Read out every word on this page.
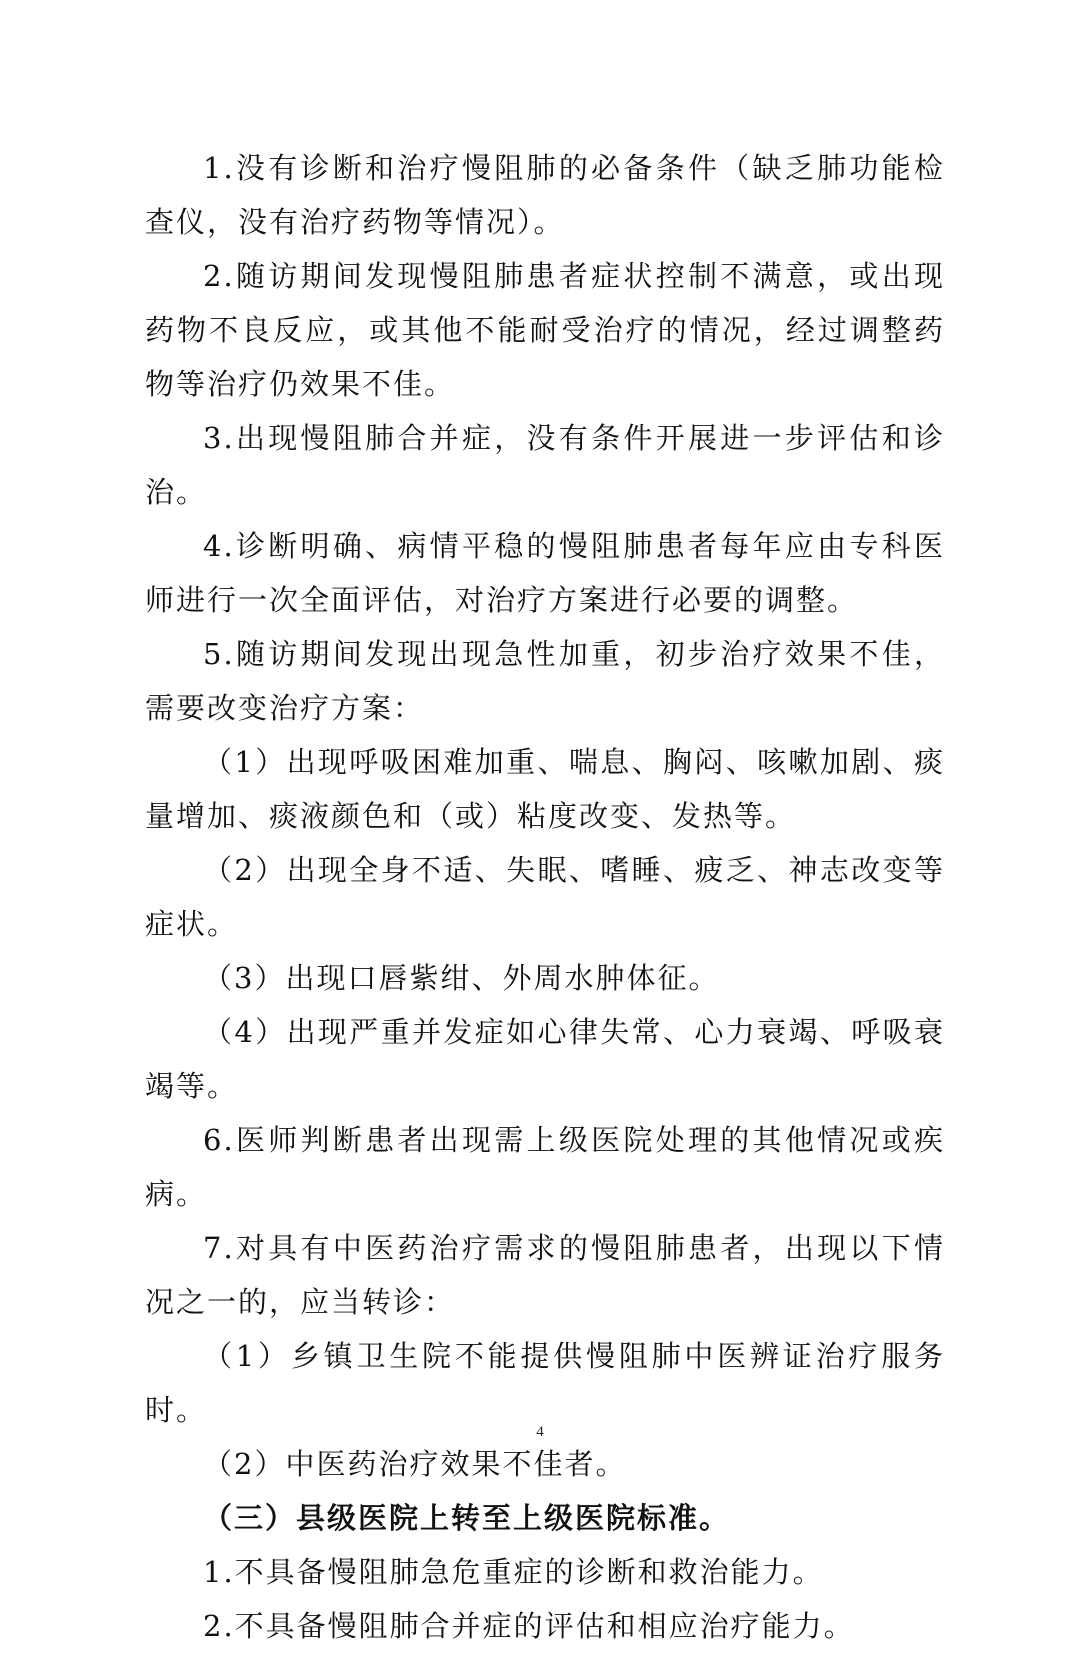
1.没有诊断和治疗慢阻肺的必备条件（缺乏肺功能检查仪，没有治疗药物等情况）。

2.随访期间发现慢阻肺患者症状控制不满意，或出现药物不良反应，或其他不能耐受治疗的情况，经过调整药物等治疗仍效果不佳。

3.出现慢阻肺合并症，没有条件开展进一步评估和诊治。

4.诊断明确、病情平稳的慢阻肺患者每年应由专科医师进行一次全面评估，对治疗方案进行必要的调整。

5.随访期间发现出现急性加重，初步治疗效果不佳，需要改变治疗方案：

（1）出现呼吸困难加重、喘息、胸闷、咳嗽加剧、痰量增加、痰液颜色和（或）粘度改变、发热等。

（2）出现全身不适、失眠、嗜睡、疲乏、神志改变等症状。

（3）出现口唇紫绀、外周水肿体征。

（4）出现严重并发症如心律失常、心力衰竭、呼吸衰竭等。

6.医师判断患者出现需上级医院处理的其他情况或疾病。

7.对具有中医药治疗需求的慢阻肺患者，出现以下情况之一的，应当转诊：

（1）乡镇卫生院不能提供慢阻肺中医辨证治疗服务时。

（2）中医药治疗效果不佳者。

（三）县级医院上转至上级医院标准。

1.不具备慢阻肺急危重症的诊断和救治能力。

2.不具备慢阻肺合并症的评估和相应治疗能力。

4
